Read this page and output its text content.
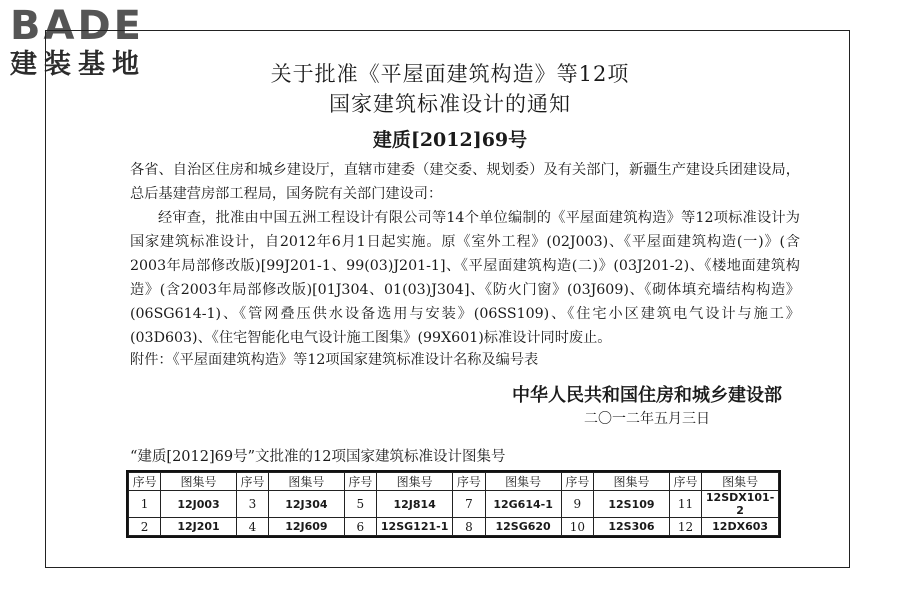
BADE
建装基地	关于批准《平屋面建筑构造》等12项
国家建筑标准设计的通知
建质[2012]69号
各省、自治区住房和城乡建设厅，直辖市建委（建交委、规划委）及有关部门，新疆生产建设兵团建设局，总后基建营房部工程局，国务院有关部门建设司：
经审查，批准由中国五洲工程设计有限公司等14个单位编制的《平屋面建筑构造》等12项标准设计为国家建筑标准设计，自2012年6月1日起实施。原《室外工程》(02J003)、《平屋面建筑构造(一)》(含2003年局部修改版)[99J201-1、99(03)J201-1]、《平屋面建筑构造(二)》(03J201-2)、《楼地面建筑构造》(含2003年局部修改版)[01J304、01(03)J304]、《防火门窗》(03J609)、《砌体填充墙结构构造》(06SG614-1)、《管网叠压供水设备选用与安装》(06SS109)、《住宅小区建筑电气设计与施工》(03D603)、《住宅智能化电气设计施工图集》(99X601)标准设计同时废止。
附件：《平屋面建筑构造》等12项国家建筑标准设计名称及编号表
中华人民共和国住房和城乡建设部
二〇一二年五月三日
“建质[2012]69号”文批准的12项国家建筑标准设计图集号
序号	图集号	序号	图集号	序号	图集号	序号	图集号	序号	图集号	序号	图集号
1	12J003	3	12J304	5	12J814	7	12G614-1	9	12S109	11	12SDX101-2
2	12J201	4	12J609	6	12SG121-1	8	12SG620	10	12S306	12	12DX603
